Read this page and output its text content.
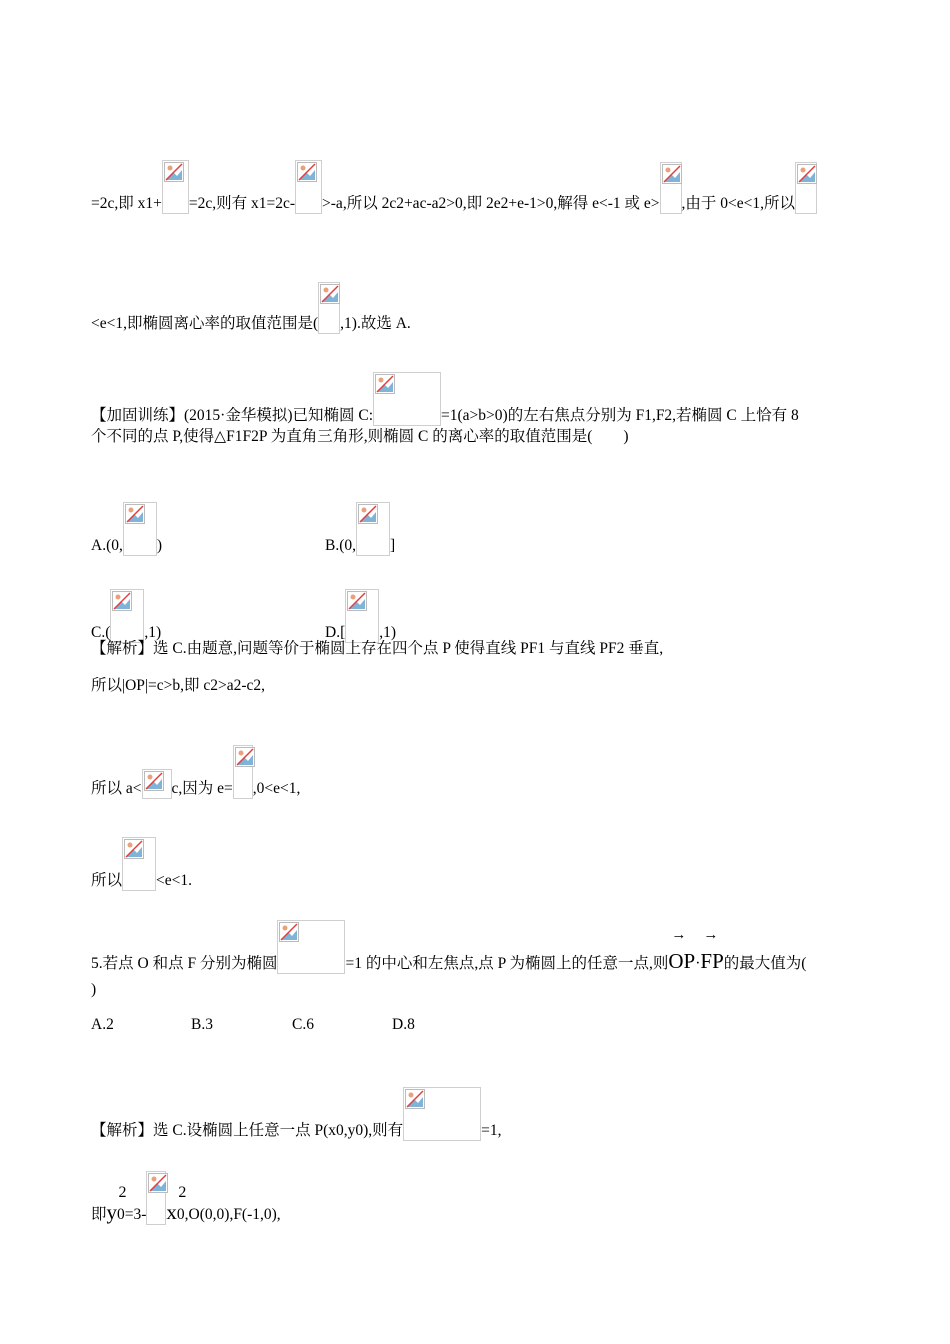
=2c,即 x1+ =2c,则有 x1=2c- >-a,所以 2c2+ac-a2>0,即 2e2+e-1>0,解得 e<-1 或 e> ,由于 0<e<1,所以
<e<1,即椭圆离心率的取值范围是( ,1).故选 A.
【加固训练】(2015·金华模拟)已知椭圆 C:	=1(a>b>0)的左右焦点分别为 F1,F2,若椭圆 C 上恰有 8
个不同的点 P,使得△F1F2P 为直角三角形,则椭圆 C 的离心率的取值范围是(        )
A.(0, )	B.(0, ]
C.( ,1)	D.[ ,1)
【解析】选 C.由题意,问题等价于椭圆上存在四个点 P 使得直线 PF1 与直线 PF2 垂直,
所以|OP|=c>b,即 c2>a2-c2,
所以 a< c,因为 e= ,0<e<1,
所以 <e<1.
5.若点 O 和点 F 分别为椭圆	=1 的中心和左焦点,点 P 为椭圆上的任意一点,则
→
OP·
→
FP的最大值为(
)
A.2	B.3	C.6	D.8
【解析】选 C.设椭圆上任意一点 P(x0,y0),则有	=1,
即
2
y0=3-
2
x0,O(0,0),F(-1,0),
